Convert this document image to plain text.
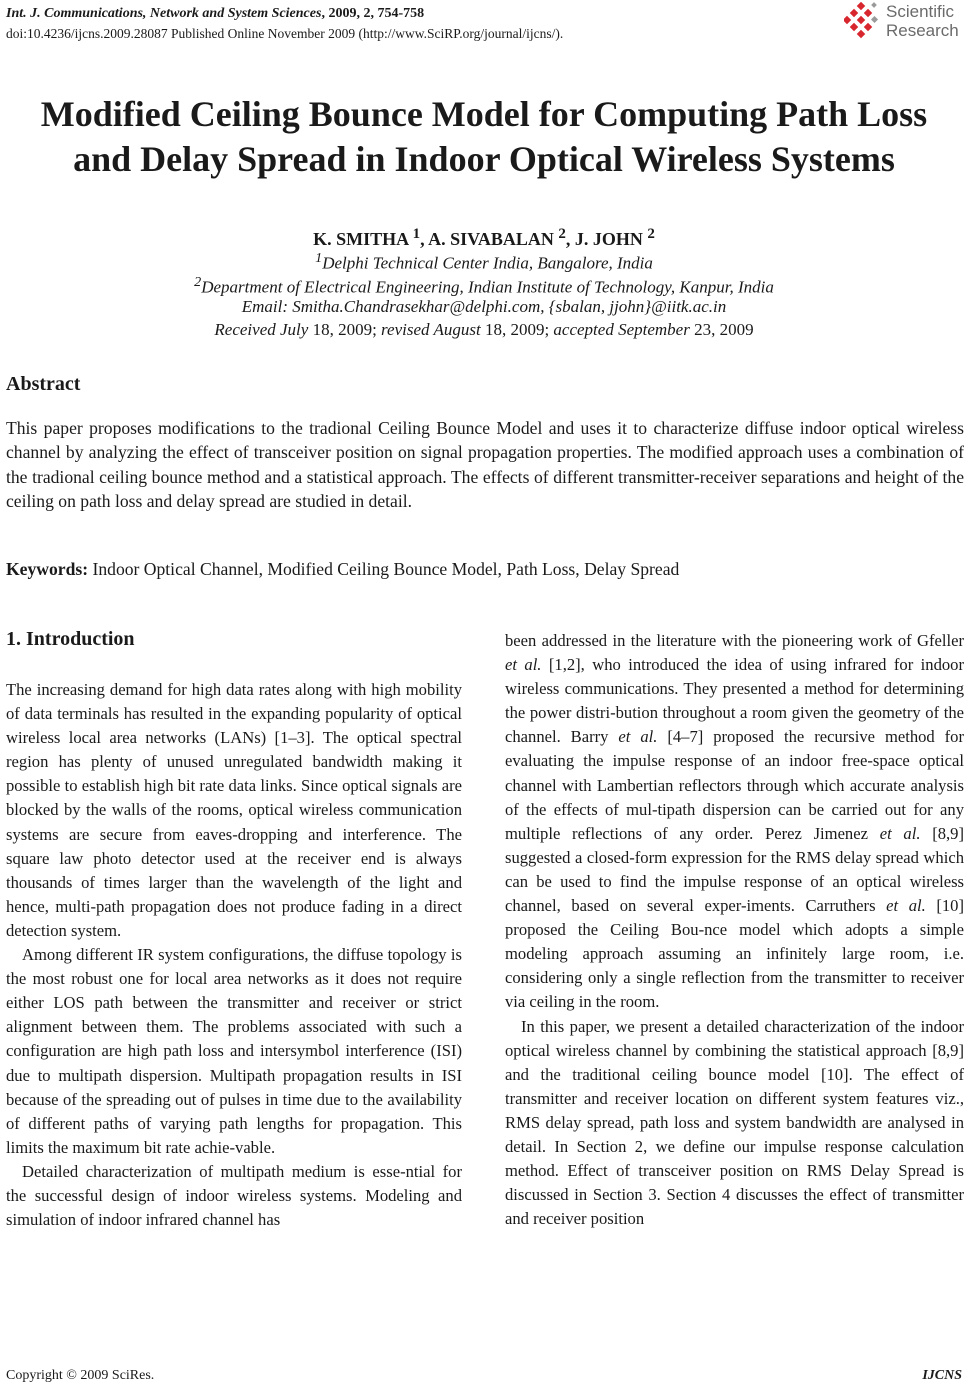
Int. J. Communications, Network and System Sciences, 2009, 2, 754-758
doi:10.4236/ijcns.2009.28087 Published Online November 2009 (http://www.SciRP.org/journal/ijcns/).
Scientific
Research
Modified Ceiling Bounce Model for Computing Path Loss
and Delay Spread in Indoor Optical Wireless Systems
K. SMITHA $^1$, A. SIVABALAN $^2$, J. JOHN $^2$
$^1$Delphi Technical Center India, Bangalore, India
$^2$Department of Electrical Engineering, Indian Institute of Technology, Kanpur, India
Email: Smitha.Chandrasekhar@delphi.com, {sbalan, jjohn}@iitk.ac.in
Received July 18, 2009; revised August 18, 2009; accepted September 23, 2009
Abstract
This paper proposes modifications to the tradional Ceiling Bounce Model and uses it to characterize diffuse indoor optical wireless channel by analyzing the effect of transceiver position on signal propagation properties. The modified approach uses a combination of the tradional ceiling bounce method and a statistical approach. The effects of different transmitter-receiver separations and height of the ceiling on path loss and delay spread are studied in detail.
Keywords: Indoor Optical Channel, Modified Ceiling Bounce Model, Path Loss, Delay Spread
1. Introduction

The increasing demand for high data rates along with high mobility of data terminals has resulted in the expanding popularity of optical wireless local area networks (LANs) [1–3]. The optical spectral region has plenty of unused unregulated bandwidth making it possible to establish high bit rate data links. Since optical signals are blocked by the walls of the rooms, optical wireless communication systems are secure from eaves-dropping and interference. The square law photo detector used at the receiver end is always thousands of times larger than the wavelength of the light and hence, multi-path propagation does not produce fading in a direct detection system.

Among different IR system configurations, the diffuse topology is the most robust one for local area networks as it does not require either LOS path between the transmitter and receiver or strict alignment between them. The problems associated with such a configuration are high path loss and intersymbol interference (ISI) due to multipath dispersion. Multipath propagation results in ISI because of the spreading out of pulses in time due to the availability of different paths of varying path lengths for propagation. This limits the maximum bit rate achie-vable.

Detailed characterization of multipath medium is esse-ntial for the successful design of indoor wireless systems. Modeling and simulation of indoor infrared channel has

been addressed in the literature with the pioneering work of Gfeller et al. [1,2], who introduced the idea of using infrared for indoor wireless communications. They presented a method for determining the power distri-bution throughout a room given the geometry of the channel. Barry et al. [4–7] proposed the recursive method for evaluating the impulse response of an indoor free-space optical channel with Lambertian reflectors through which accurate analysis of the effects of mul-tipath dispersion can be carried out for any multiple reflections of any order. Perez Jimenez et al. [8,9] suggested a closed-form expression for the RMS delay spread which can be used to find the impulse response of an optical wireless channel, based on several exper-iments. Carruthers et al. [10] proposed the Ceiling Bou-nce model which adopts a simple modeling approach assuming an infinitely large room, i.e. considering only a single reflection from the transmitter to receiver via ceiling in the room.

In this paper, we present a detailed characterization of the indoor optical wireless channel by combining the statistical approach [8,9] and the traditional ceiling bounce model [10]. The effect of transmitter and receiver location on different system features viz., RMS delay spread, path loss and system bandwidth are analysed in detail. In Section 2, we define our impulse response calculation method. Effect of transceiver position on RMS Delay Spread is discussed in Section 3. Section 4 discusses the effect of transmitter and receiver position

Copyright © 2009 SciRes.	IJCNS
